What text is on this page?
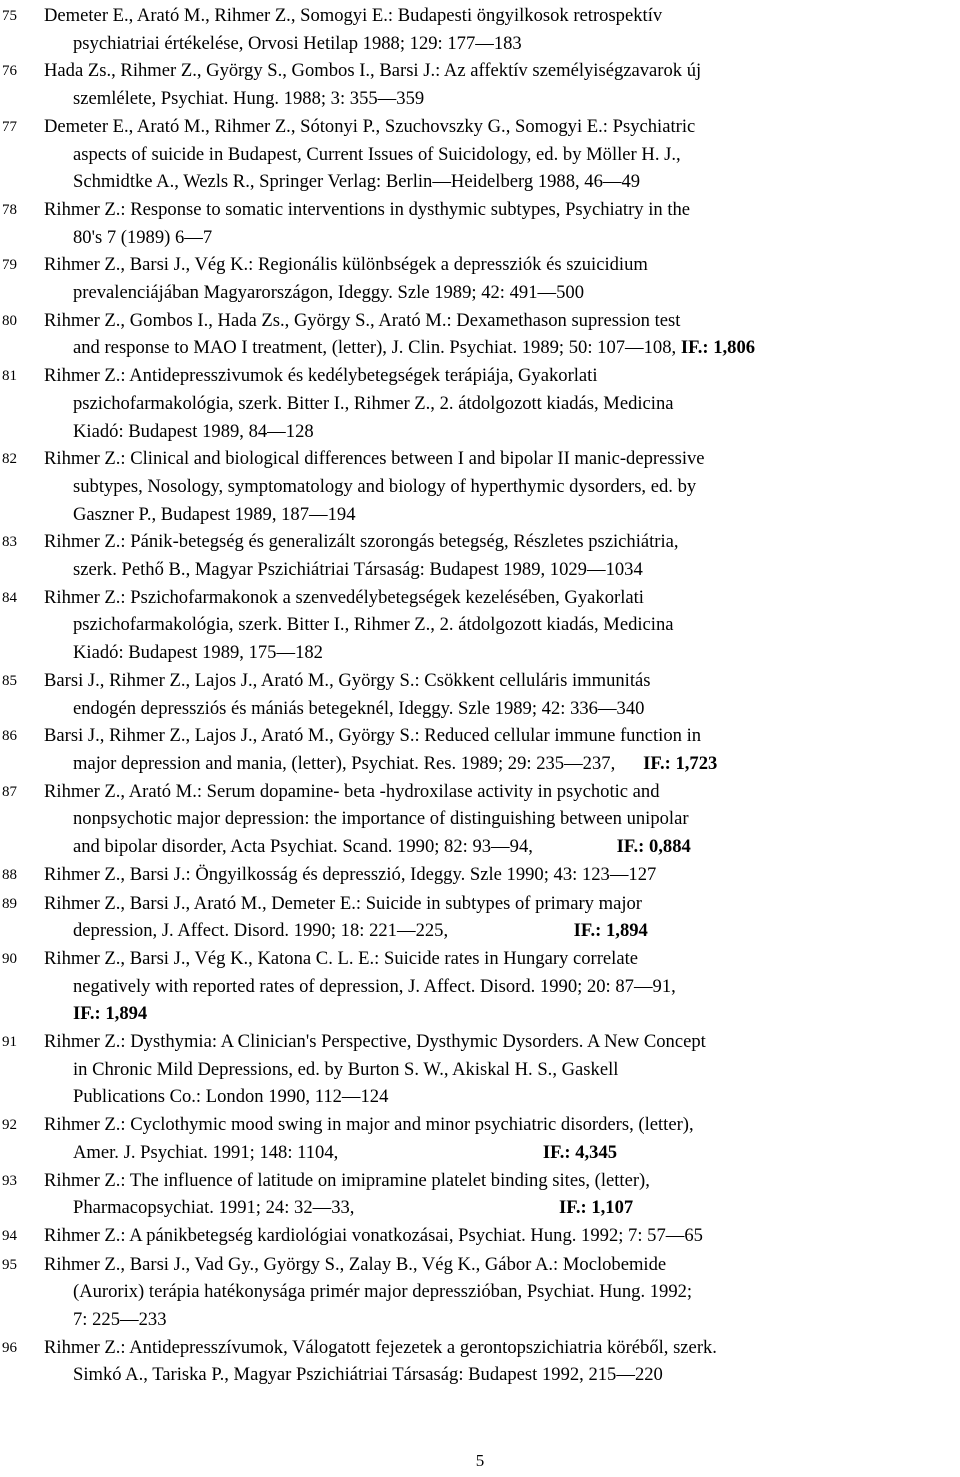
75	Demeter E., Arató M., Rihmer Z., Somogyi E.: Budapesti öngyilkosok retrospektív
psychiatriai értékelése, Orvosi Hetilap 1988; 129: 177—183
76	Hada Zs., Rihmer Z., György S., Gombos I., Barsi J.: Az affektív személyiségzavarok új
szemlélete, Psychiat. Hung. 1988; 3: 355—359
77	Demeter E., Arató M., Rihmer Z., Sótonyi P., Szuchovszky G., Somogyi E.: Psychiatric
aspects of suicide in Budapest, Current Issues of Suicidology, ed. by Möller H. J.,
Schmidtke A., Wezls R., Springer Verlag: Berlin—Heidelberg 1988, 46—49
78	Rihmer Z.: Response to somatic interventions in dysthymic subtypes, Psychiatry in the
80's 7 (1989) 6—7
79	Rihmer Z., Barsi J., Vég K.: Regionális különbségek a depressziók és szuicidium
prevalenciájában Magyarországon, Ideggy. Szle 1989; 42: 491—500
80	Rihmer Z., Gombos I., Hada Zs., György S., Arató M.: Dexamethason supression test
and response to MAO I treatment, (letter), J. Clin. Psychiat. 1989; 50: 107—108, IF.: 1,806
81	Rihmer Z.: Antidepresszivumok és kedélybetegségek terápiája, Gyakorlati
pszichofarmakológia, szerk. Bitter I., Rihmer Z., 2. átdolgozott kiadás, Medicina
Kiadó: Budapest 1989, 84—128
82	Rihmer Z.: Clinical and biological differences between I and bipolar II manic-depressive
subtypes, Nosology, symptomatology and biology of hyperthymic dysorders, ed. by
Gaszner P., Budapest 1989, 187—194
83	Rihmer Z.: Pánik-betegség és generalizált szorongás betegség, Részletes pszichiátria,
szerk. Pethő B., Magyar Pszichiátriai Társaság: Budapest 1989, 1029—1034
84	Rihmer Z.: Pszichofarmakonok a szenvedélybetegségek kezelésében, Gyakorlati
pszichofarmakológia, szerk. Bitter I., Rihmer Z., 2. átdolgozott kiadás, Medicina
Kiadó: Budapest 1989, 175—182
85	Barsi J., Rihmer Z., Lajos J., Arató M., György S.: Csökkent celluláris immunitás
endogén depressziós és mániás betegeknél, Ideggy. Szle 1989; 42: 336—340
86	Barsi J., Rihmer Z., Lajos J., Arató M., György S.: Reduced cellular immune function in
major depression and mania, (letter), Psychiat. Res. 1989; 29: 235—237,      IF.: 1,723
87	Rihmer Z., Arató M.: Serum dopamine- beta -hydroxilase activity in psychotic and
nonpsychotic major depression: the importance of distinguishing between unipolar
and bipolar disorder, Acta Psychiat. Scand. 1990; 82: 93—94,                  IF.: 0,884
88	Rihmer Z., Barsi J.: Öngyilkosság és depresszió, Ideggy. Szle 1990; 43: 123—127
89	Rihmer Z., Barsi J., Arató M., Demeter E.: Suicide in subtypes of primary major
depression, J. Affect. Disord. 1990; 18: 221—225,                           IF.: 1,894
90	Rihmer Z., Barsi J., Vég K., Katona C. L. E.: Suicide rates in Hungary correlate
negatively with reported rates of depression, J. Affect. Disord. 1990; 20: 87—91,
IF.: 1,894
91	Rihmer Z.: Dysthymia: A Clinician's Perspective, Dysthymic Dysorders. A New Concept
in Chronic Mild Depressions, ed. by Burton S. W., Akiskal H. S., Gaskell
Publications Co.: London 1990, 112—124
92	Rihmer Z.: Cyclothymic mood swing in major and minor psychiatric disorders, (letter),
Amer. J. Psychiat. 1991; 148: 1104,                                            IF.: 4,345
93	Rihmer Z.: The influence of latitude on imipramine platelet binding sites, (letter),
Pharmacopsychiat. 1991; 24: 32—33,                                            IF.: 1,107
94	Rihmer Z.: A pánikbetegség kardiológiai vonatkozásai, Psychiat. Hung. 1992; 7: 57—65
95	Rihmer Z., Barsi J., Vad Gy., György S., Zalay B., Vég K., Gábor A.: Moclobemide
(Aurorix) terápia hatékonysága primér major depresszióban, Psychiat. Hung. 1992;
7: 225—233
96	Rihmer Z.: Antidepresszívumok, Válogatott fejezetek a gerontopszichiatria köréből, szerk.
Simkó A., Tariska P., Magyar Pszichiátriai Társaság: Budapest 1992, 215—220
5
